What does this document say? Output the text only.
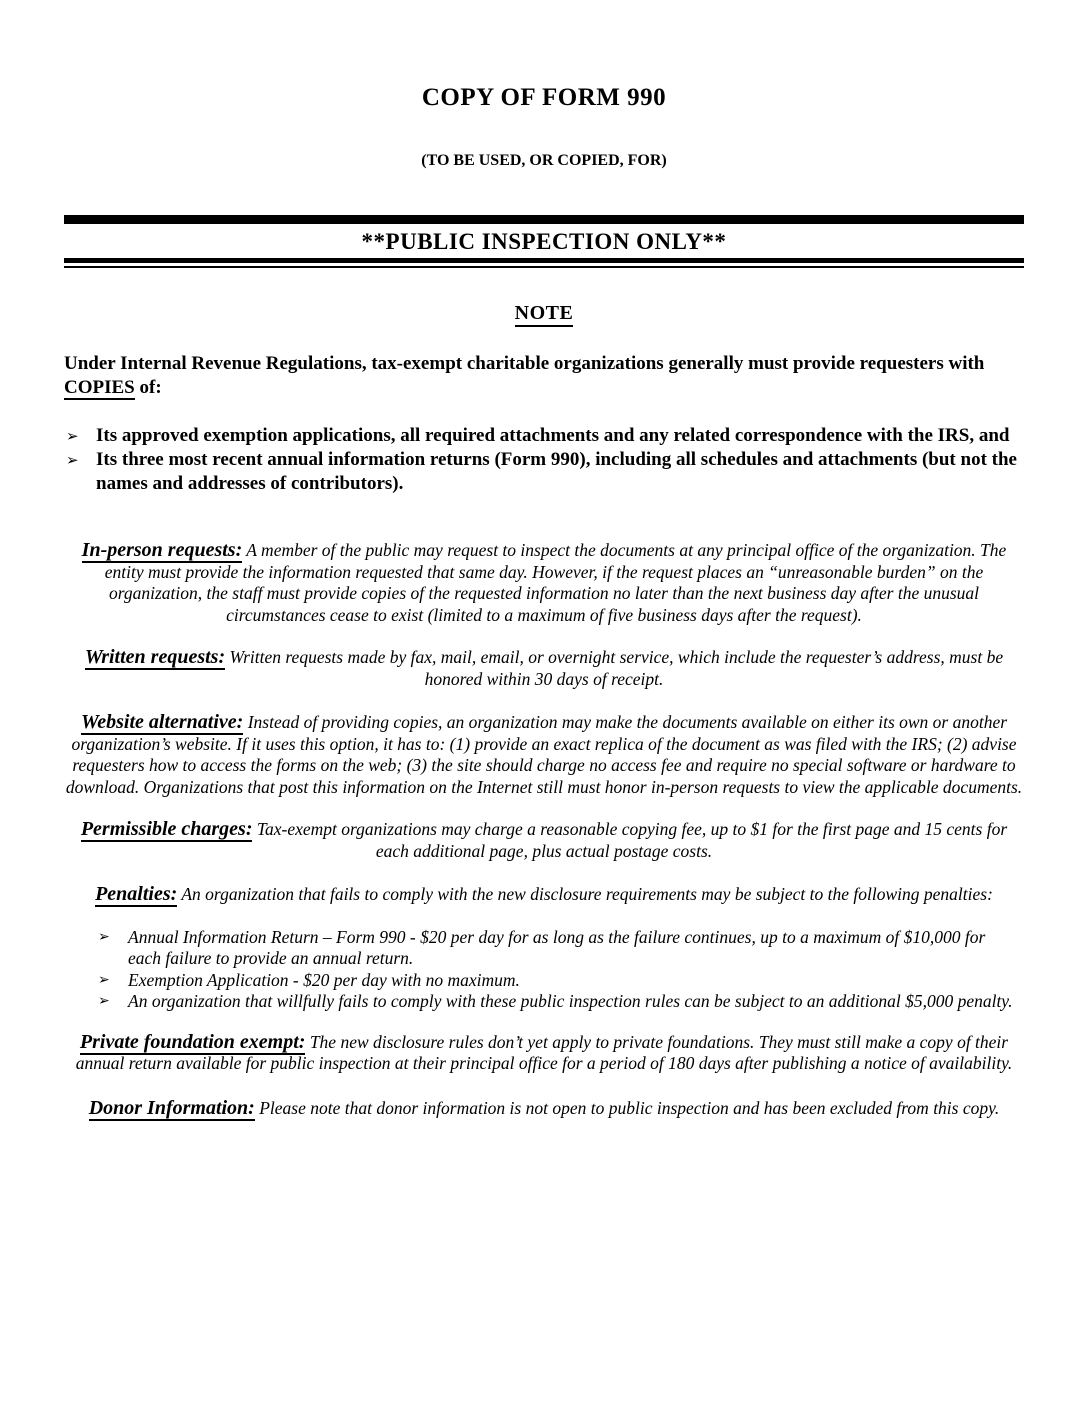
COPY OF FORM 990
(TO BE USED, OR COPIED, FOR)
**PUBLIC INSPECTION ONLY**
NOTE

Under Internal Revenue Regulations, tax-exempt charitable organizations generally must provide requesters with COPIES of:

➢ Its approved exemption applications, all required attachments and any related correspondence with the IRS, and
➢ Its three most recent annual information returns (Form 990), including all schedules and attachments (but not the names and addresses of contributors).
In-person requests: A member of the public may request to inspect the documents at any principal office of the organization. The entity must provide the information requested that same day. However, if the request places an “unreasonable burden” on the organization, the staff must provide copies of the requested information no later than the next business day after the unusual circumstances cease to exist (limited to a maximum of five business days after the request).
Written requests: Written requests made by fax, mail, email, or overnight service, which include the requester’s address, must be honored within 30 days of receipt.
Website alternative: Instead of providing copies, an organization may make the documents available on either its own or another organization’s website. If it uses this option, it has to: (1) provide an exact replica of the document as was filed with the IRS; (2) advise requesters how to access the forms on the web; (3) the site should charge no access fee and require no special software or hardware to download. Organizations that post this information on the Internet still must honor in-person requests to view the applicable documents.
Permissible charges: Tax-exempt organizations may charge a reasonable copying fee, up to $1 for the first page and 15 cents for each additional page, plus actual postage costs.
Penalties: An organization that fails to comply with the new disclosure requirements may be subject to the following penalties:
➢ Annual Information Return – Form 990 - $20 per day for as long as the failure continues, up to a maximum of $10,000 for each failure to provide an annual return.
➢ Exemption Application - $20 per day with no maximum.
➢ An organization that willfully fails to comply with these public inspection rules can be subject to an additional $5,000 penalty.
Private foundation exempt: The new disclosure rules don’t yet apply to private foundations. They must still make a copy of their annual return available for public inspection at their principal office for a period of 180 days after publishing a notice of availability.
Donor Information: Please note that donor information is not open to public inspection and has been excluded from this copy.
